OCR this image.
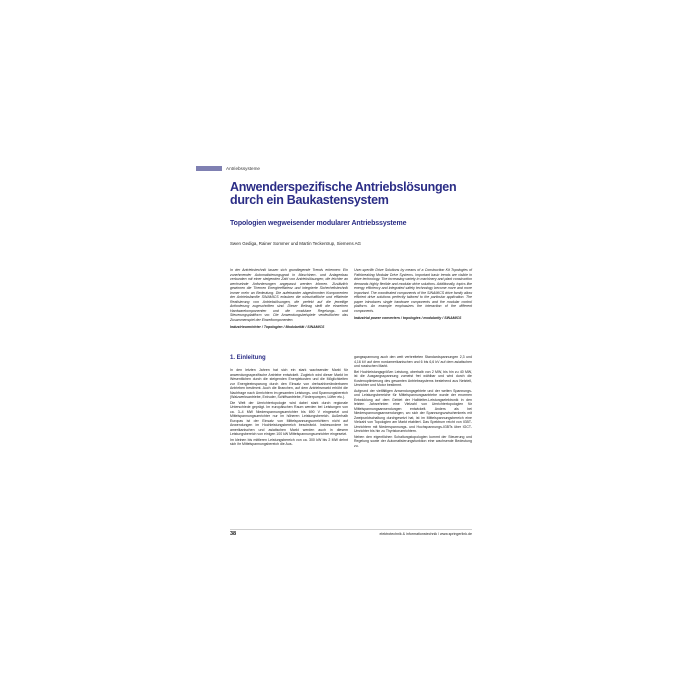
Antriebssysteme
Anwenderspezifische Antriebslösungen durch ein Baukastensystem
Topologien wegweisender modularer Antriebssysteme
Swen Gediga, Rainer Sommer und Martin Teckentrup, Siemens AG
In der Antriebstechnik lassen sich grundlegende Trends erkennen: Ein zunehmender Automatisierungsgrad in Maschinen- und Anlagenbau verbunden mit einer steigenden Zahl von Antriebslösungen, die leichter an wechselnde Anforderungen angepasst werden können. Zusätzlich gewinnen die Themen Energieeffizienz und integrierte Sicherheitstechnik immer mehr an Bedeutung. Die aufeinander abgestimmten Komponenten der Antriebsfamilie SINAMICS erlauben die wirtschaftliche und effiziente Realisierung von Antriebslösungen, die perfekt auf die jeweilige Anforderung zugeschnitten sind. Dieser Beitrag stellt die einzelnen Hardwarekomponenten und die modulare Regelungs- und Steuerungsplattform vor. Die Anwendungsbeispiele verdeutlichen das Zusammenspiel der Einzelkomponenten.
Industrieumrichter / Topologien / Modularität / SINAMICS
User-specific Drive Solutions by means of a Construction Kit Topologies of Pathbreaking Modular Drive Systems. Important basic trends are visible in drive technology. The increasing variety in machinery and plant construction demands highly flexible and modular drive solutions. Additionally, topics like energy efficiency and integrated safety technology become more and more important. The coordinated components of the SINAMICS drive family allow efficient drive solutions perfectly tailored to the particular application. The paper introduces single hardware components and the modular control platform. An example emphasizes the interaction of the different components.
Industrial power converters / topologies / modularity / SINAMICS
1. Einleitung

In den letzten Jahren hat sich ein stark wachsender Markt für anwendungsspezifische Antriebe entwickelt. Zugleich wird dieser Markt im Wesentlichen durch die steigenden Energiekosten und die Möglichkeiten zur Energieeinsparung durch den Einsatz von drehzahlveränderbaren Antrieben bestimmt. Auch die Branchen, auf dem Antriebsmarkt erhöht die Nachfrage nach Umrichtern im gesamten Leistungs- und Spannungsbereich (Walzwerksantriebe, Extruder, Schiffsantriebe, Förderpumpen, Lüfter etc.).

Die Welt der Umrichtertopologie wird dabei stark durch regionale Unterschiede geprägt. Im europäischen Raum werden bei Leistungen von ca. 3–4 MW Niederspannungsumrichter bis 690 V eingesetzt und Mittelspannungsumrichter nur im höheren Leistungsbereich. Außerhalb Europas ist der Einsatz von Mittelspannungsumrichtern nicht auf Anwendungen im Hochleistungsbereich beschränkt. Insbesondere im amerikanischen und asiatischen Markt werden auch in diesem Leistungsbereich von einigen 100 kW Mittelspannungsumrichter eingesetzt.

Im kleinen bis mittleren Leistungsbereich von ca. 300 kW bis 2 MW dehnt sich ihr Mittelspannungsbereich die Aus-

gangsspannung auch den weit verbreiteten Standardspannungen 2,3 und 4,16 kV auf dem nordamerikanischen und 6 bis 6,6 kV auf dem asiatischen und russischen Markt.

Bei Hochleistungsgrößen Leistung, oberhalb von 2 MW, bis hin zu 40 MW, ist die Ausgangsspannung zumeist frei wählbar und wird durch die Kostenoptimierung des gesamten Antriebssystems bestehend aus Netzteil, Umrichter und Motor bestimmt.

Aufgrund der vielfältigen Anwendungsgebiete und der weiten Spannungs- und Leistungsbereiche für Mittelspannungsantriebe wurde der enormen Entwicklung auf dem Gebiet der Halbleiter-Leistungselektronik in den letzten Jahrzehnten eine Vielzahl von Umrichtertopologien für Mittelspannungsanwendungen entwickelt. Anders als bei Niederspannungsanwendungen, wo sich der Spannungszwischenkreis mit Zweipunktschaltung durchgesetzt hat, ist im Mittelspannungsbereich eine Vielzahl von Topologien am Markt etabliert. Das Spektrum reicht von IGBT-Umrichtern mit Niederspannungs- und Hochspannungs-IGBTs über IGCT-Umrichter bis hin zu Thyristorumrichtern.

Neben den eigentlichen Schaltungstopologien kommt der Steuerung und Regelung sowie der Automatisierungsfunktion eine wachsende Bedeutung zu.

38	elektrotechnik & informationstechnik / www.springerlink.de
